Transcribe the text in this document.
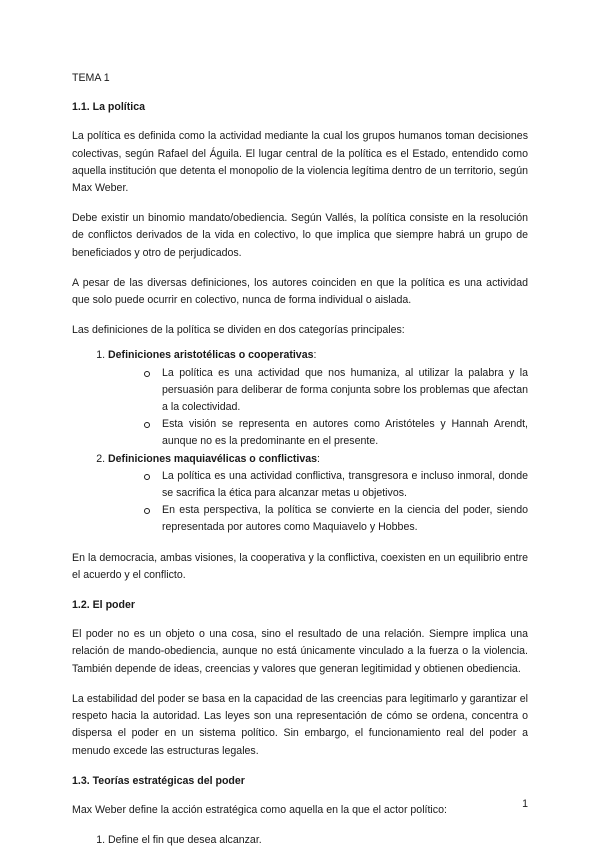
TEMA 1
1.1. La política

La política es definida como la actividad mediante la cual los grupos humanos toman decisiones colectivas, según Rafael del Águila. El lugar central de la política es el Estado, entendido como aquella institución que detenta el monopolio de la violencia legítima dentro de un territorio, según Max Weber.

Debe existir un binomio mandato/obediencia. Según Vallés, la política consiste en la resolución de conflictos derivados de la vida en colectivo, lo que implica que siempre habrá un grupo de beneficiados y otro de perjudicados.

A pesar de las diversas definiciones, los autores coinciden en que la política es una actividad que solo puede ocurrir en colectivo, nunca de forma individual o aislada.

Las definiciones de la política se dividen en dos categorías principales:

1. Definiciones aristotélicas o cooperativas:
La política es una actividad que nos humaniza, al utilizar la palabra y la persuasión para deliberar de forma conjunta sobre los problemas que afectan a la colectividad.
Esta visión se representa en autores como Aristóteles y Hannah Arendt, aunque no es la predominante en el presente.
2. Definiciones maquiavélicas o conflictivas:
La política es una actividad conflictiva, transgresora e incluso inmoral, donde se sacrifica la ética para alcanzar metas u objetivos.
En esta perspectiva, la política se convierte en la ciencia del poder, siendo representada por autores como Maquiavelo y Hobbes.

En la democracia, ambas visiones, la cooperativa y la conflictiva, coexisten en un equilibrio entre el acuerdo y el conflicto.

1.2. El poder

El poder no es un objeto o una cosa, sino el resultado de una relación. Siempre implica una relación de mando-obediencia, aunque no está únicamente vinculado a la fuerza o la violencia. También depende de ideas, creencias y valores que generan legitimidad y obtienen obediencia.

La estabilidad del poder se basa en la capacidad de las creencias para legitimarlo y garantizar el respeto hacia la autoridad. Las leyes son una representación de cómo se ordena, concentra o dispersa el poder en un sistema político. Sin embargo, el funcionamiento real del poder a menudo excede las estructuras legales.

1.3. Teorías estratégicas del poder

Max Weber define la acción estratégica como aquella en la que el actor político:

1. Define el fin que desea alcanzar.
1
